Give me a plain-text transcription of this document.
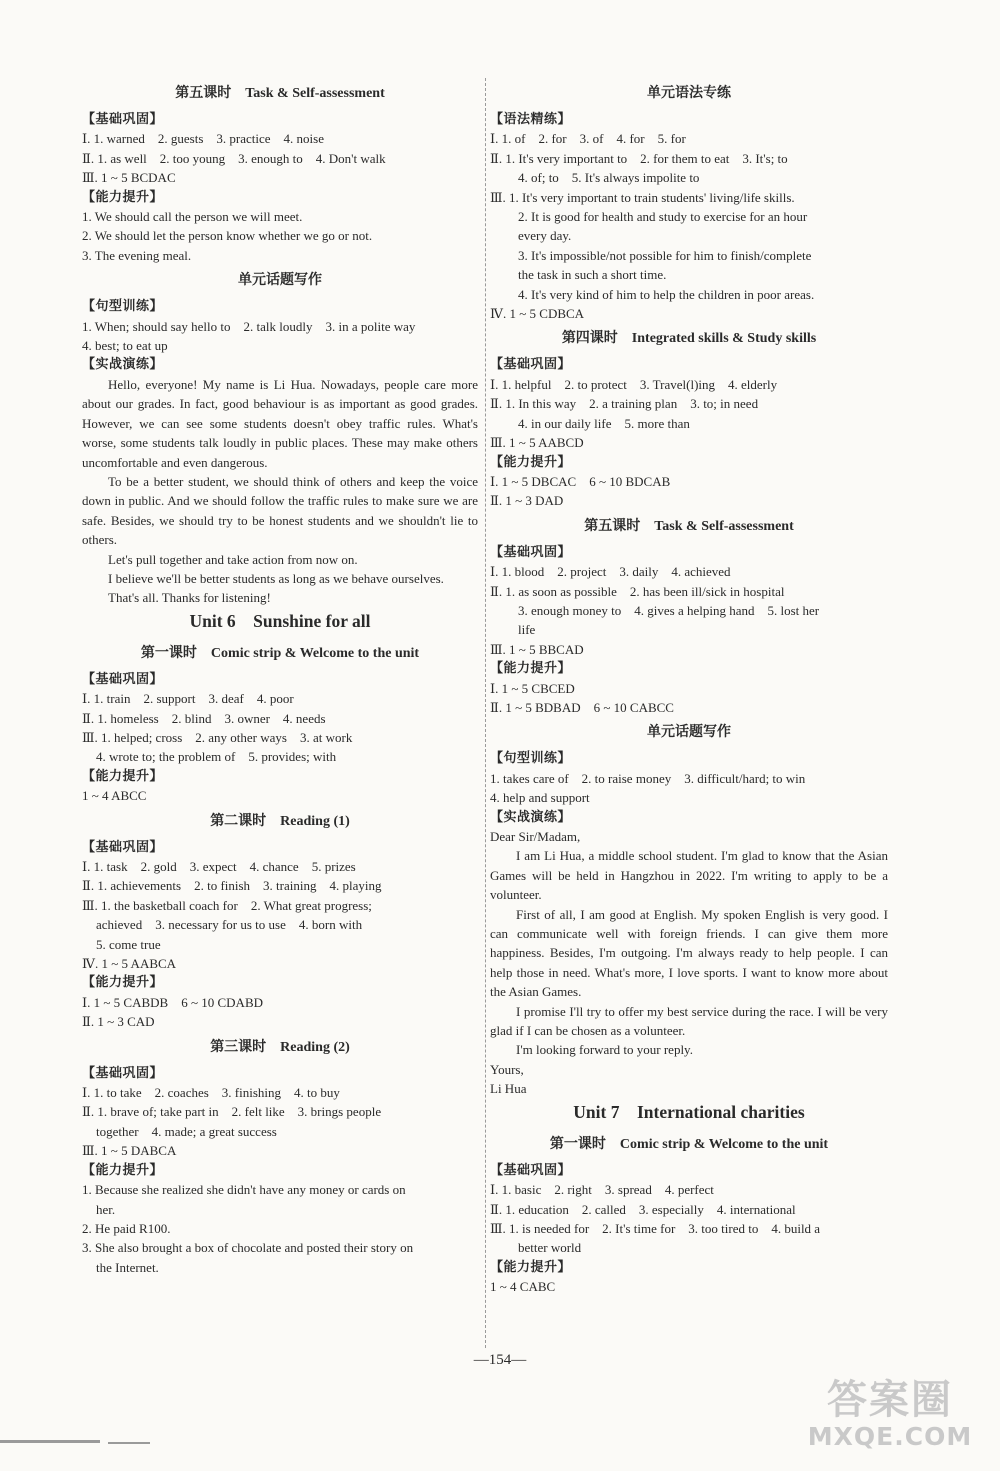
第五课时　Task & Self-assessment
【基础巩固】
Ⅰ. 1. warned　2. guests　3. practice　4. noise
Ⅱ. 1. as well　2. too young　3. enough to　4. Don't walk
Ⅲ. 1 ~ 5 BCDAC
【能力提升】
1. We should call the person we will meet.
2. We should let the person know whether we go or not.
3. The evening meal.
单元话题写作
【句型训练】
1. When; should say hello to　2. talk loudly　3. in a polite way
4. best; to eat up
【实战演练】
Hello, everyone! My name is Li Hua. Nowadays, people care more about our grades. In fact, good behaviour is as important as good grades. However, we can see some students doesn't obey traffic rules. What's worse, some students talk loudly in public places. These may make others uncomfortable and even dangerous.
To be a better student, we should think of others and keep the voice down in public. And we should follow the traffic rules to make sure we are safe. Besides, we should try to be honest students and we shouldn't lie to others.
Let's pull together and take action from now on.
I believe we'll be better students as long as we behave ourselves.
That's all. Thanks for listening!
Unit 6　Sunshine for all
第一课时　Comic strip & Welcome to the unit
【基础巩固】
Ⅰ. 1. train　2. support　3. deaf　4. poor
Ⅱ. 1. homeless　2. blind　3. owner　4. needs
Ⅲ. 1. helped; cross　2. any other ways　3. at work
4. wrote to; the problem of　5. provides; with
【能力提升】
1 ~ 4 ABCC
第二课时　Reading (1)
【基础巩固】
Ⅰ. 1. task　2. gold　3. expect　4. chance　5. prizes
Ⅱ. 1. achievements　2. to finish　3. training　4. playing
Ⅲ. 1. the basketball coach for　2. What great progress;
achieved　3. necessary for us to use　4. born with
5. come true
Ⅳ. 1 ~ 5 AABCA
【能力提升】
Ⅰ. 1 ~ 5 CABDB　6 ~ 10 CDABD
Ⅱ. 1 ~ 3 CAD
第三课时　Reading (2)
【基础巩固】
Ⅰ. 1. to take　2. coaches　3. finishing　4. to buy
Ⅱ. 1. brave of; take part in　2. felt like　3. brings people
together　4. made; a great success
Ⅲ. 1 ~ 5 DABCA
【能力提升】
1. Because she realized she didn't have any money or cards on
her.
2. He paid R100.
3. She also brought a box of chocolate and posted their story on
the Internet.
单元语法专练
【语法精练】
Ⅰ. 1. of　2. for　3. of　4. for　5. for
Ⅱ. 1. It's very important to　2. for them to eat　3. It's; to
4. of; to　5. It's always impolite to
Ⅲ. 1. It's very important to train students' living/life skills.
2. It is good for health and study to exercise for an hour
every day.
3. It's impossible/not possible for him to finish/complete
the task in such a short time.
4. It's very kind of him to help the children in poor areas.
Ⅳ. 1 ~ 5 CDBCA
第四课时　Integrated skills & Study skills
【基础巩固】
Ⅰ. 1. helpful　2. to protect　3. Travel(l)ing　4. elderly
Ⅱ. 1. In this way　2. a training plan　3. to; in need
4. in our daily life　5. more than
Ⅲ. 1 ~ 5 AABCD
【能力提升】
Ⅰ. 1 ~ 5 DBCAC　6 ~ 10 BDCAB
Ⅱ. 1 ~ 3 DAD
第五课时　Task & Self-assessment
【基础巩固】
Ⅰ. 1. blood　2. project　3. daily　4. achieved
Ⅱ. 1. as soon as possible　2. has been ill/sick in hospital
3. enough money to　4. gives a helping hand　5. lost her
life
Ⅲ. 1 ~ 5 BBCAD
【能力提升】
Ⅰ. 1 ~ 5 CBCED
Ⅱ. 1 ~ 5 BDBAD　6 ~ 10 CABCC
单元话题写作
【句型训练】
1. takes care of　2. to raise money　3. difficult/hard; to win
4. help and support
【实战演练】
Dear Sir/Madam,
I am Li Hua, a middle school student. I'm glad to know that the Asian Games will be held in Hangzhou in 2022. I'm writing to apply to be a volunteer.
First of all, I am good at English. My spoken English is very good. I can communicate well with foreign friends. I can give them more happiness. Besides, I'm outgoing. I'm always ready to help people. I can help those in need. What's more, I love sports. I want to know more about the Asian Games.
I promise I'll try to offer my best service during the race. I will be very glad if I can be chosen as a volunteer.
I'm looking forward to your reply.
Yours,
Li Hua
Unit 7　International charities
第一课时　Comic strip & Welcome to the unit
【基础巩固】
Ⅰ. 1. basic　2. right　3. spread　4. perfect
Ⅱ. 1. education　2. called　3. especially　4. international
Ⅲ. 1. is needed for　2. It's time for　3. too tired to　4. build a
better world
【能力提升】
1 ~ 4 CABC
—154—
答案圈
MXQE.COM
